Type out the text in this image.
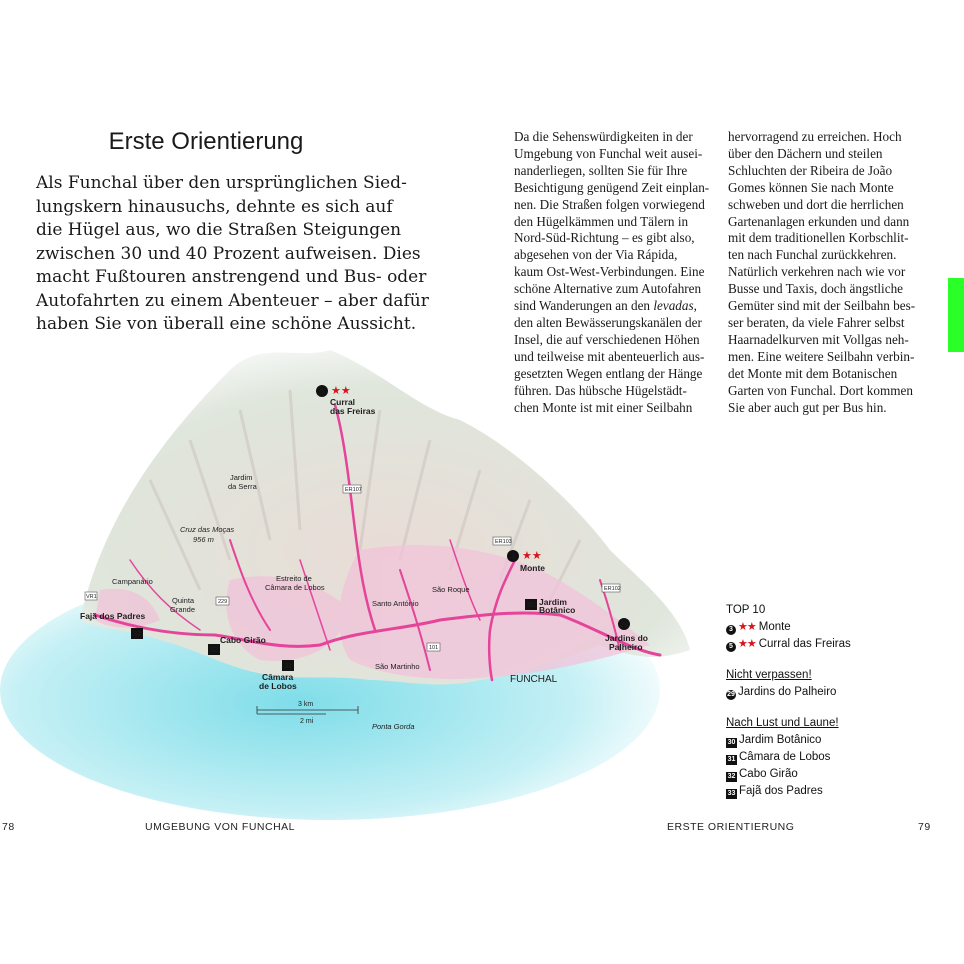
Erste Orientierung
Als Funchal über den ursprünglichen Sied-
lungskern hinausuchs, dehnte es sich auf
die Hügel aus, wo die Straßen Steigungen
zwischen 30 und 40 Prozent aufweisen. Dies
macht Fußtouren anstrengend und Bus- oder
Autofahrten zu einem Abenteuer – aber dafür
haben Sie von überall eine schöne Aussicht.
Da die Sehenswürdigkeiten in der
Umgebung von Funchal weit ausei-
nanderliegen, sollten Sie für Ihre
Besichtigung genügend Zeit einplan-
nen. Die Straßen folgen vorwiegend
den Hügelkämmen und Tälern in
Nord-Süd-Richtung – es gibt also,
abgesehen von der Via Rápida,
kaum Ost-West-Verbindungen. Eine
schöne Alternative zum Autofahren
sind Wanderungen an den levadas,
den alten Bewässerungskanälen der
Insel, die auf verschiedenen Höhen
und teilweise mit abenteuerlich aus-
gesetzten Wegen entlang der Hänge
führen. Das hübsche Hügelstädt-
chen Monte ist mit einer Seilbahn
hervorragend zu erreichen. Hoch
über den Dächern und steilen
Schluchten der Ribeira de João
Gomes können Sie nach Monte
schweben und dort die herrlichen
Gartenanlagen erkunden und dann
mit dem traditionellen Korbschlit-
ten nach Funchal zurückkehren.
Natürlich verkehren nach wie vor
Busse und Taxis, doch ängstliche
Gemüter sind mit der Seilbahn bes-
ser beraten, da viele Fahrer selbst
Haarnadelkurven mit Vollgas neh-
men. Eine weitere Seilbahn verbin-
det Monte mit dem Botanischen
Garten von Funchal. Dort kommen
Sie aber auch gut per Bus hin.
5 ★★
Curral
das Freiras
3 ★★
Monte
30 Jardim
Botânico
29
Jardins do
Palheiro
31
Câmara
de Lobos
32
Cabo Girão
33
Fajã dos Padres
Jardim
da Serra
Cruz das Moças
956 m
Campanário
Quinta
Grande
Estreito de
Câmara de Lobos
Santo António
São Roque
São Martinho
FUNCHAL
Ponta Gorda
ER107
ER103
ER102
229
101
VR1
3 km
2 mi
TOP 10
3 ★★ Monte
5 ★★ Curral das Freiras
Nicht verpassen!
29 Jardins do Palheiro
Nach Lust und Laune!
30 Jardim Botânico
31 Câmara de Lobos
32 Cabo Girão
33 Fajã dos Padres
78	UMGEBUNG VON FUNCHAL	ERSTE ORIENTIERUNG	79
